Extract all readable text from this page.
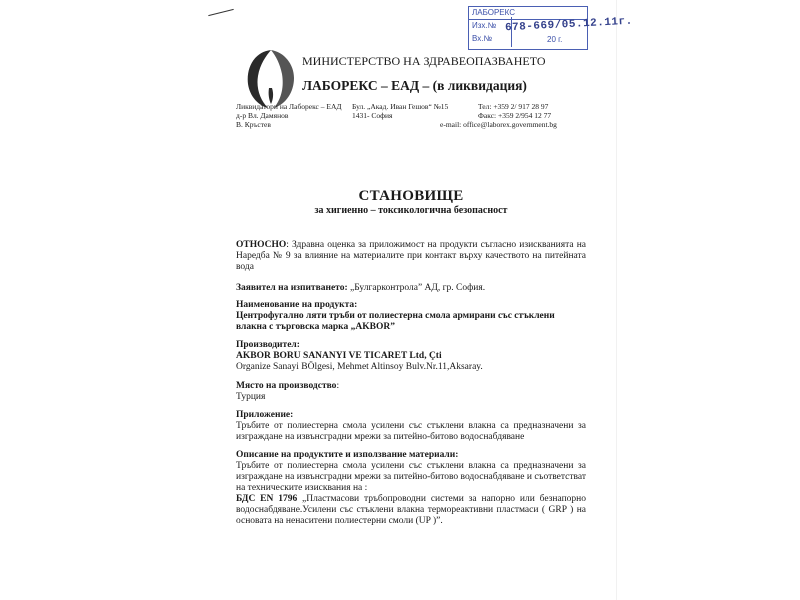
ЛАБОРЕКС
Изх.№
Вх.№	20 г.
678-669/05.12.11г.
МИНИСТЕРСТВО НА ЗДРАВЕОПАЗВАНЕТО
ЛАБОРЕКС – ЕАД – (в ликвидация)
Ликвидатори на Лаборекс – ЕАД
д-р Вл. Дамянов
В. Кръстев
Бул. „Акад. Иван Гешов“ №15
1431- София
Тел: +359 2/ 917 28 97
Факс: +359 2/954 12 77
e-mail: office@laborex.government.bg
СТАНОВИЩЕ
за хигиенно – токсикологична безопасност
ОТНОСНО: Здравна оценка за приложимост на продукти съгласно изискванията на Наредба № 9 за влияние на материалите при контакт върху качеството на питейната вода
Заявител на изпитването: „Булгарконтрола” АД, гр. София.
Наименование на продукта:
Центрофугално ляти тръби от полиестерна смола армирани със стъклени влакна с търговска марка „AKBOR”
Производител:
AKBOR BORU SANANYI VE TICARET Ltd, Çti
Organize Sanayi BÖlgesi, Mehmet Altinsoy Bulv.Nr.11,Aksaray.
Място на производство:
Турция
Приложение:
Тръбите от полиестерна смола усилени със стъклени влакна са предназначени за изграждане на извънсградни мрежи за питейно-битово водоснабдяване
Описание на продуктите и използвание материали:
Тръбите от полиестерна смола усилени със стъклени влакна са предназначени за изграждане на извънсградни мрежи за питейно-битово водоснабдяване и съответстват на техническите изисквания на :
БДС EN 1796 „Пластмасови тръбопроводни системи за напорно или безнапорно водоснабдяване.Усилени със стъклени влакна термореактивни пластмаси ( GRP ) на основата на ненаситени полиестерни смоли (UP )”.
